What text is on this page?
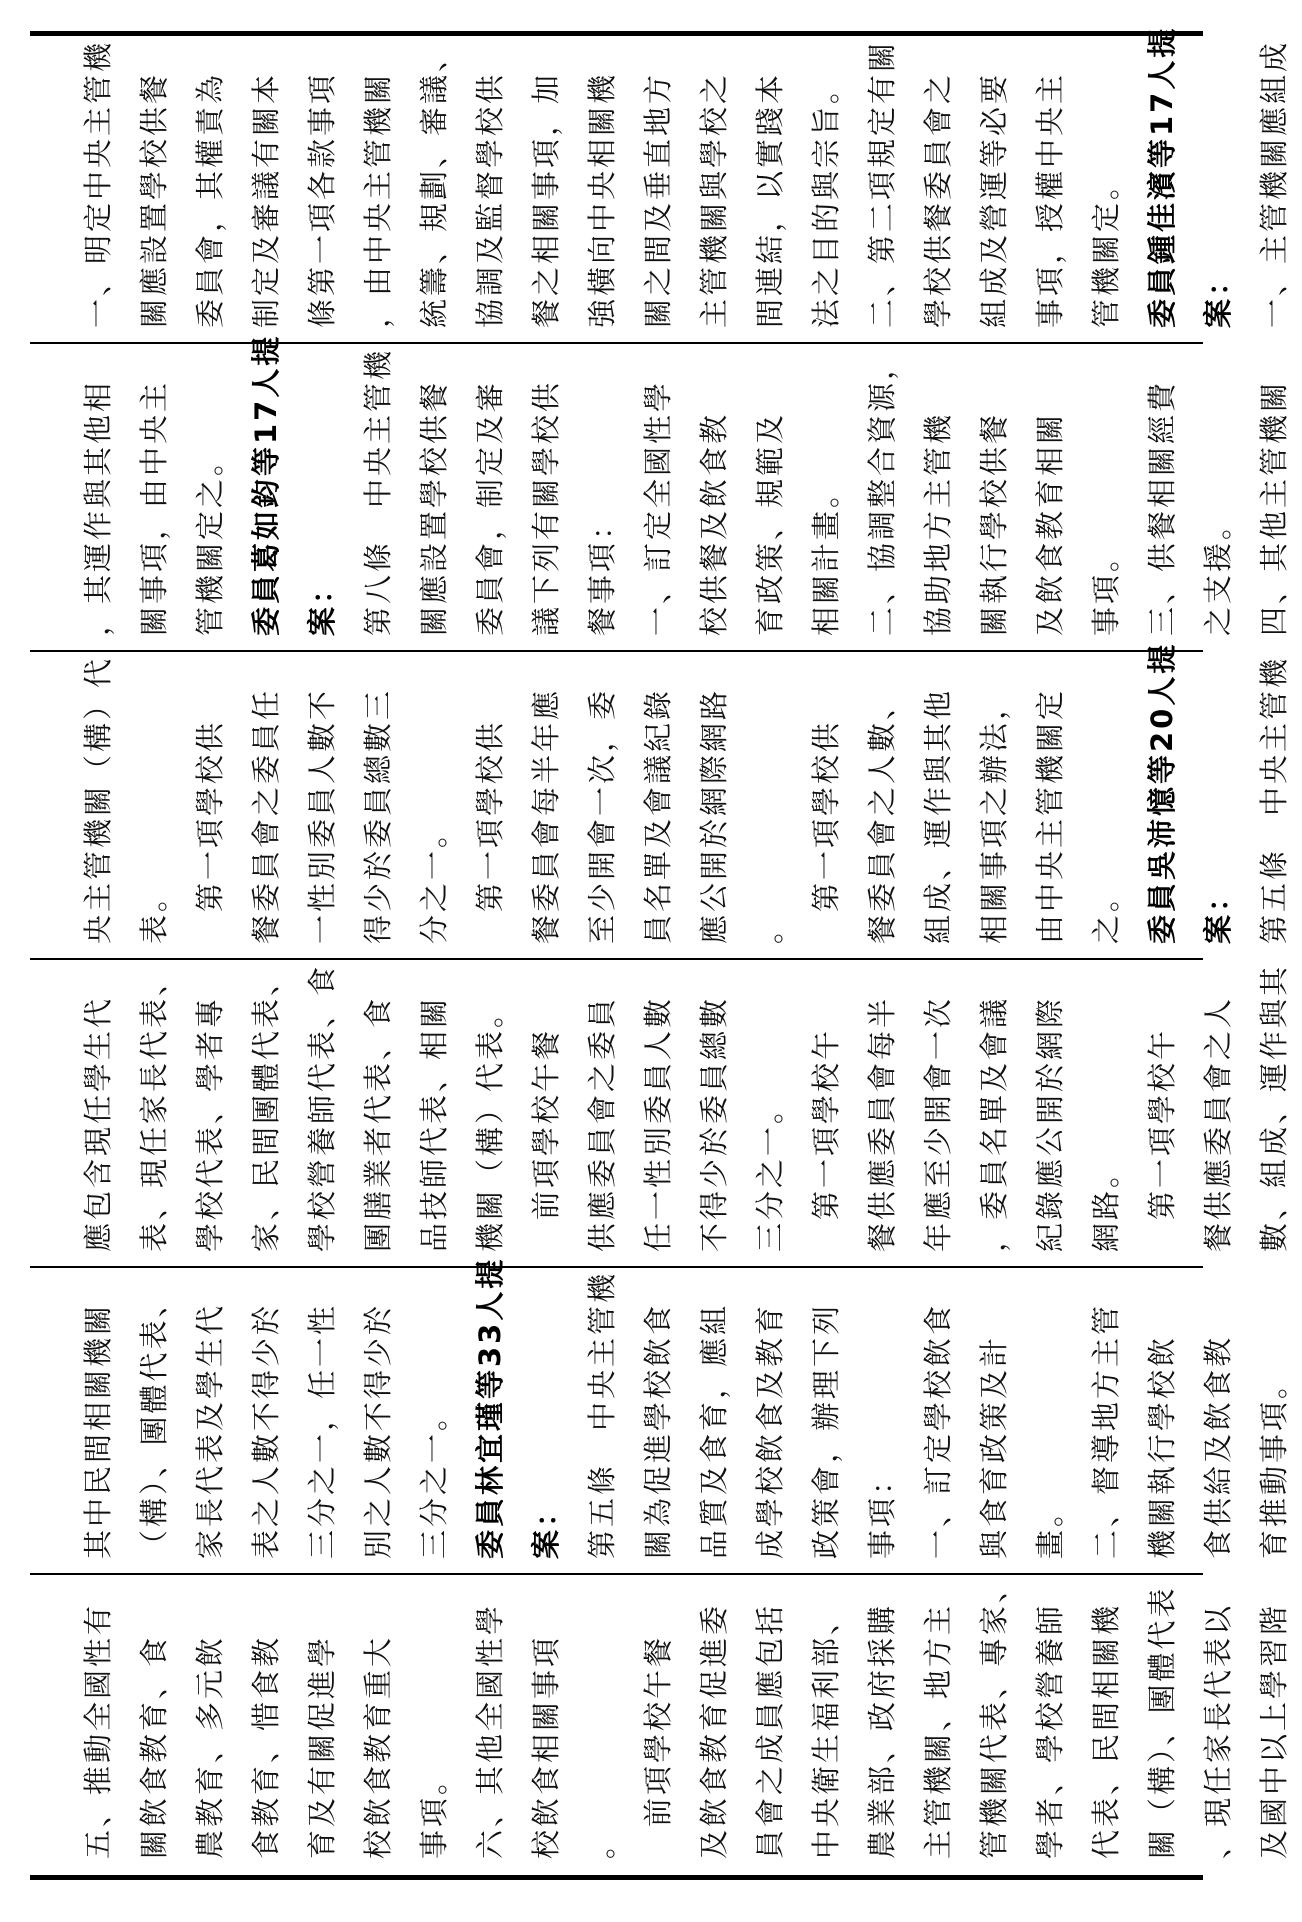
一、明定中央主管機 關應設置學校供餐 委員會，其權責為 制定及審議有關本 條第一項各款事項 ，由中央主管機關 統籌、規劃、審議、 協調及監督學校供 餐之相關事項，加 強橫向中央相關機 關之間及垂直地方 主管機關與學校之 間連結，以實踐本 法之目的與宗旨。 二、第二項規定有關 學校供餐委員會之 組成及營運等必要 事項，授權中央主 管機關定。 委員鍾佳濱等17人提 案： 一、主管機關應組成
，其運作與其他相 關事項，由中央主 管機關定之。 委員葛如鈞等17人提 案： 第八條　中央主管機 關應設置學校供餐 委員會，制定及審 議下列有關學校供 餐事項： 一、訂定全國性學 校供餐及飲食教 育政策、規範及 相關計畫。 二、協調整合資源， 協助地方主管機 關執行學校供餐 及飲食教育相關 事項。 三、供餐相關經費 之支援。 四、其他主管機關
央主管機關（構）代 表。 　第一項學校供 餐委員會之委員任 一性別委員人數不 得少於委員總數三 分之一。 　第一項學校供 餐委員會每半年應 至少開會一次，委 員名單及會議紀錄 應公開於網際網路 。 　第一項學校供 餐委員會之人數、 組成、運作與其他 相關事項之辦法， 由中央主管機關定 之。 委員吳沛憶等20人提 案： 第五條　中央主管機
應包含現任學生代 表、現任家長代表、 學校代表、學者專 家、民間團體代表、 學校營養師代表、食 團膳業者代表、食 品技師代表、相關 機關（構）代表。 　前項學校午餐 供應委員會之委員 任一性別委員人數 不得少於委員總數 三分之一。 　第一項學校午 餐供應委員會每半 年應至少開會一次 ，委員名單及會議 紀錄應公開於網際 網路。 　第一項學校午 餐供應委員會之人 數、組成、運作與其
其中民間相關機關 （構）、團體代表、 家長代表及學生代 表之人數不得少於 三分之一，任一性 別之人數不得少於 三分之一。 委員林宜瑾等33人提 案： 第五條　中央主管機 關為促進學校飲食 品質及食育，應組 成學校飲食及教育 政策會，辦理下列 事項： 一、訂定學校飲食 與食育政策及計 畫。 二、督導地方主管 機關執行學校飲 食供給及飲食教 育推動事項。
五、推動全國性有 關飲食教育、食 農教育、多元飲 食教育、惜食教 育及有關促進學 校飲食教育重大 事項。 六、其他全國性學 校飲食相關事項 。 　前項學校午餐 及飲食教育促進委 員會之成員應包括 中央衛生福利部、 農業部、政府採購 主管機關、地方主 管機關代表、專家、 學者、學校營養師 代表、民間相關機 關（構）、團體代表 、現任家長代表以 及國中以上學習階
